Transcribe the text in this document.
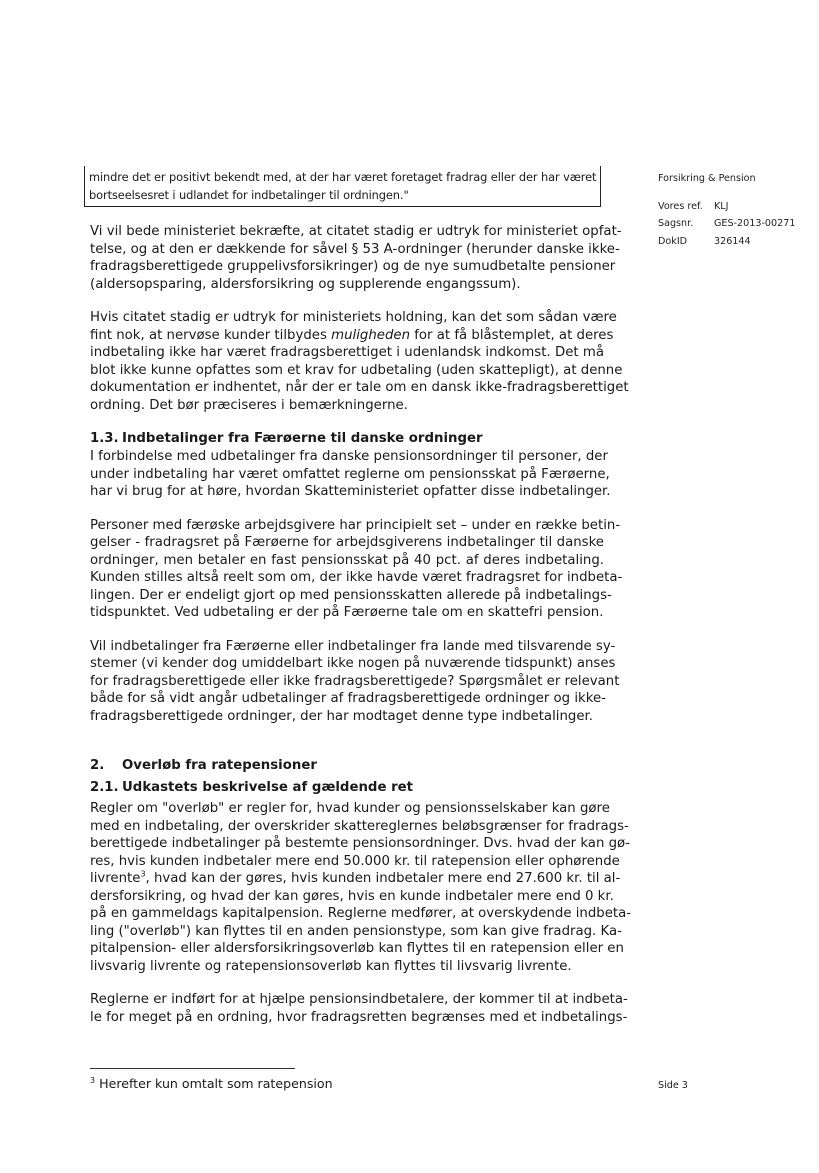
Forsikring & Pension
Vores ref.	KLJ
Sagsnr.	GES-2013-00271
DokID	326144
mindre det er positivt bekendt med, at der har været foretaget fradrag eller der har været
bortseelsesret i udlandet for indbetalinger til ordningen."

Vi vil bede ministeriet bekræfte, at citatet stadig er udtryk for ministeriet opfat-
telse, og at den er dækkende for såvel § 53 A-ordninger (herunder danske ikke-
fradragsberettigede gruppelivsforsikringer) og de nye sumudbetalte pensioner
(aldersopsparing, aldersforsikring og supplerende engangssum).

Hvis citatet stadig er udtryk for ministeriets holdning, kan det som sådan være
fint nok, at nervøse kunder tilbydes muligheden for at få blåstemplet, at deres
indbetaling ikke har været fradragsberettiget i udenlandsk indkomst. Det må
blot ikke kunne opfattes som et krav for udbetaling (uden skattepligt), at denne
dokumentation er indhentet, når der er tale om en dansk ikke-fradragsberettiget
ordning. Det bør præciseres i bemærkningerne.

1.3. Indbetalinger fra Færøerne til danske ordninger

I forbindelse med udbetalinger fra danske pensionsordninger til personer, der
under indbetaling har været omfattet reglerne om pensionsskat på Færøerne,
har vi brug for at høre, hvordan Skatteministeriet opfatter disse indbetalinger.

Personer med færøske arbejdsgivere har principielt set – under en række betin-
gelser - fradragsret på Færøerne for arbejdsgiverens indbetalinger til danske
ordninger, men betaler en fast pensionsskat på 40 pct. af deres indbetaling.
Kunden stilles altså reelt som om, der ikke havde været fradragsret for indbeta-
lingen. Der er endeligt gjort op med pensionsskatten allerede på indbetalings-
tidspunktet. Ved udbetaling er der på Færøerne tale om en skattefri pension.

Vil indbetalinger fra Færøerne eller indbetalinger fra lande med tilsvarende sy-
stemer (vi kender dog umiddelbart ikke nogen på nuværende tidspunkt) anses
for fradragsberettigede eller ikke fradragsberettigede? Spørgsmålet er relevant
både for så vidt angår udbetalinger af fradragsberettigede ordninger og ikke-
fradragsberettigede ordninger, der har modtaget denne type indbetalinger.

2. Overløb fra ratepensioner
2.1. Udkastets beskrivelse af gældende ret

Regler om "overløb" er regler for, hvad kunder og pensionsselskaber kan gøre
med en indbetaling, der overskrider skattereglernes beløbsgrænser for fradrags-
berettigede indbetalinger på bestemte pensionsordninger. Dvs. hvad der kan gø-
res, hvis kunden indbetaler mere end 50.000 kr. til ratepension eller ophørende
livrente$^3$, hvad kan der gøres, hvis kunden indbetaler mere end 27.600 kr. til al-
dersforsikring, og hvad der kan gøres, hvis en kunde indbetaler mere end 0 kr.
på en gammeldags kapitalpension. Reglerne medfører, at overskydende indbeta-
ling ("overløb") kan flyttes til en anden pensionstype, som kan give fradrag. Ka-
pitalpension- eller aldersforsikringsoverløb kan flyttes til en ratepension eller en
livsvarig livrente og ratepensionsoverløb kan flyttes til livsvarig livrente.

Reglerne er indført for at hjælpe pensionsindbetalere, der kommer til at indbeta-
le for meget på en ordning, hvor fradragsretten begrænses med et indbetalings-

$^3$ Herefter kun omtalt som ratepension	Side 3
